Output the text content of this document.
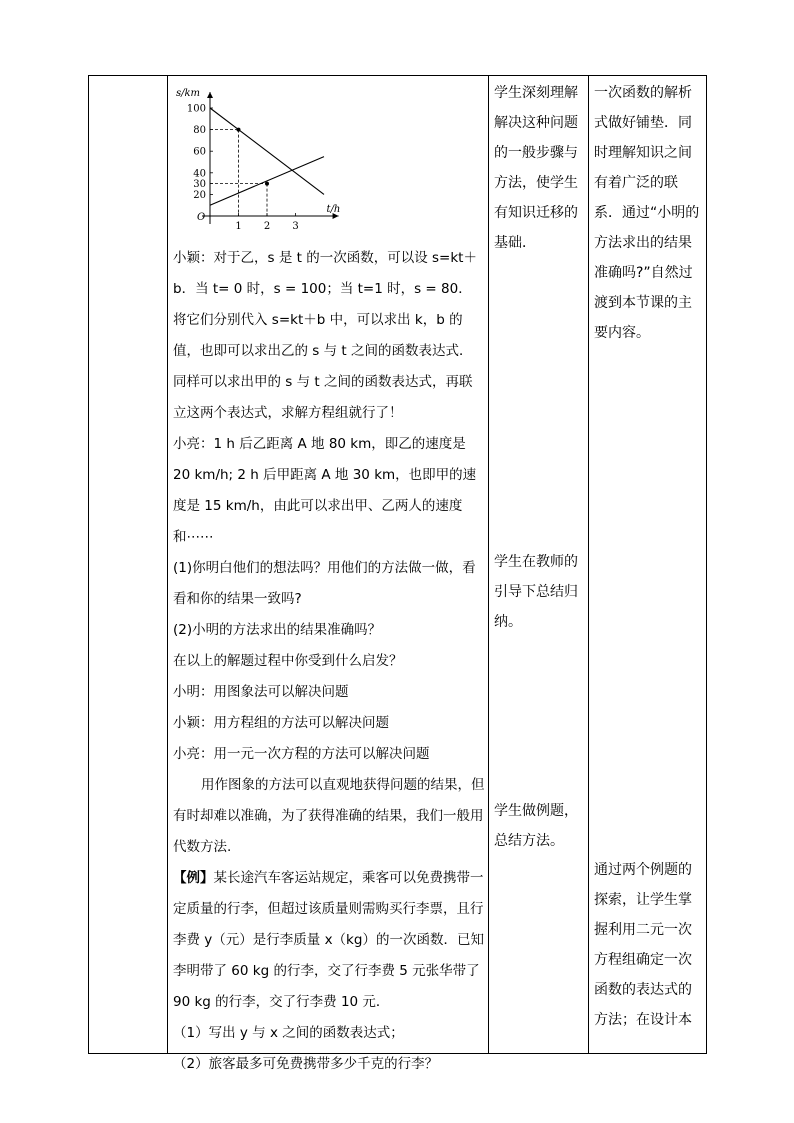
s/km
t/h
O
20
30
40
60
80
100
1 2 3

小颖：对于乙，s 是 t 的一次函数，可以设 s=kt＋b．当 t= 0 时，s = 100；当 t=1 时，s = 80．将它们分别代入 s=kt＋b 中，可以求出 k，b 的值，也即可以求出乙的 s 与 t 之间的函数表达式．同样可以求出甲的 s 与 t 之间的函数表达式，再联立这两个表达式，求解方程组就行了！

小亮：1 h 后乙距离 A 地 80 km，即乙的速度是 20 km/h; 2 h 后甲距离 A 地 30 km，也即甲的速度是 15 km/h，由此可以求出甲、乙两人的速度和⋯⋯

(1)你明白他们的想法吗？用他们的方法做一做，看看和你的结果一致吗?

(2)小明的方法求出的结果准确吗？

在以上的解题过程中你受到什么启发？

小明：用图象法可以解决问题

小颖：用方程组的方法可以解决问题

小亮：用一元一次方程的方法可以解决问题

用作图象的方法可以直观地获得问题的结果，但有时却难以准确，为了获得准确的结果，我们一般用代数方法.

【例】某长途汽车客运站规定，乘客可以免费携带一定质量的行李，但超过该质量则需购买行李票，且行李费 y（元）是行李质量 x（kg）的一次函数．已知李明带了 60 kg 的行李，交了行李费 5 元张华带了 90 kg 的行李，交了行李费 10 元．

（1）写出 y 与 x 之间的函数表达式；

（2）旅客最多可免费携带多少千克的行李？

学生深刻理解解决这种问题的一般步骤与方法，使学生有知识迁移的基础．

学生在教师的引导下总结归纳。

学生做例题，总结方法。

一次函数的解析式做好铺垫．同时理解知识之间有着广泛的联系．通过“小明的方法求出的结果准确吗?”自然过渡到本节课的主要内容。

通过两个例题的探索，让学生掌握利用二元一次方程组确定一次函数的表达式的方法；在设计本
